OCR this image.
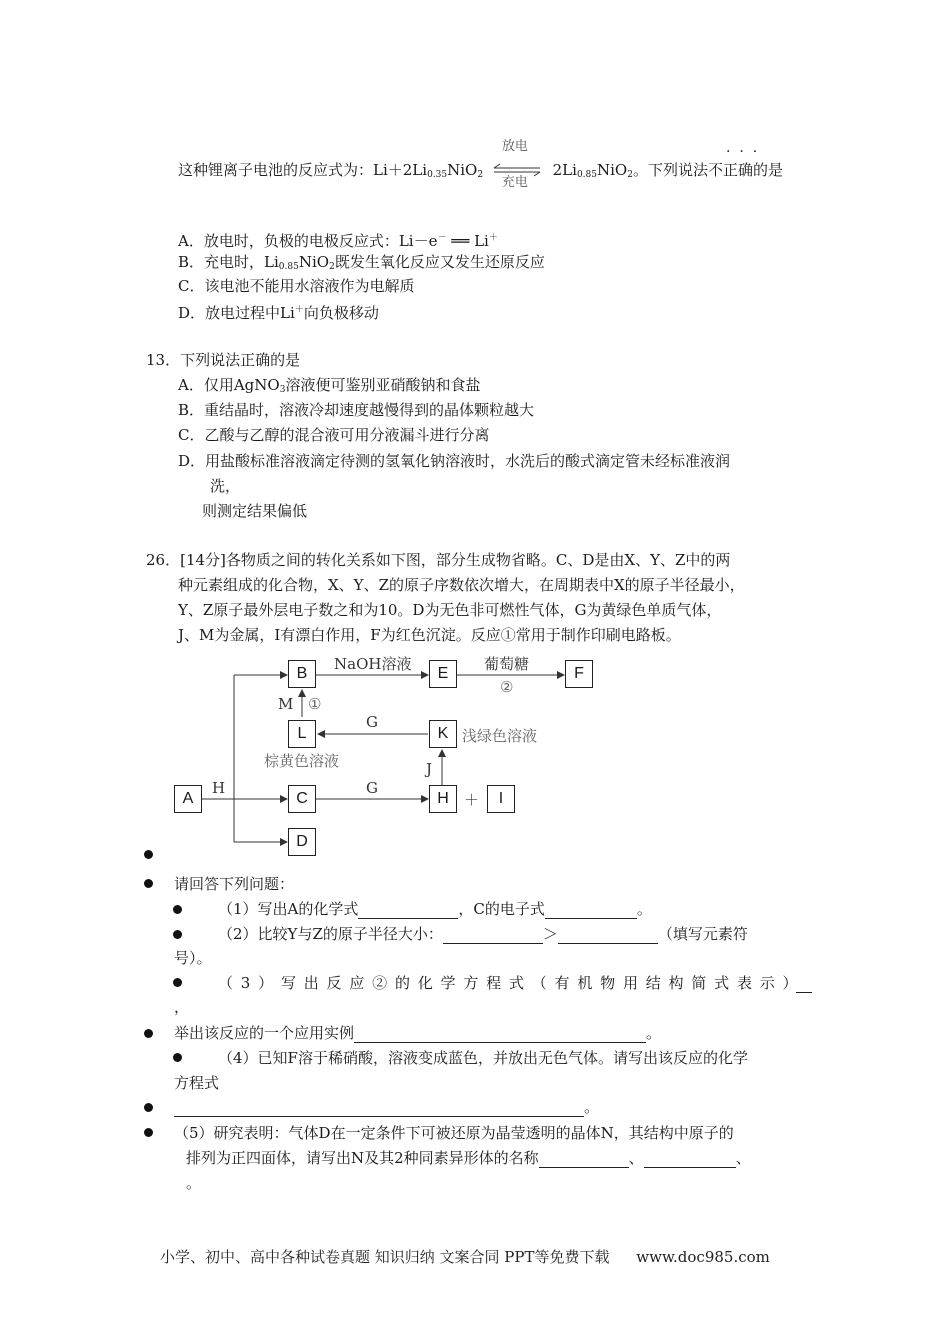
这种锂离子电池的反应式为：$Li+2Li_{0.35}NiO_2$
放电
充电
$2Li_{0.85}NiO_2$。下列说法不正确的是
·  ·  ·
A．放电时，负极的电极反应式：Li－e－ ══ Li＋
B．充电时，$Li_{0.85}NiO_2$既发生氧化反应又发生还原反应
C．该电池不能用水溶液作为电解质
D．放电过程中Li＋向负极移动
13．下列说法正确的是
A．仅用AgNO$_3$溶液便可鉴别亚硝酸钠和食盐
B．重结晶时，溶液冷却速度越慢得到的晶体颗粒越大
C．乙酸与乙醇的混合液可用分液漏斗进行分离
D．用盐酸标准溶液滴定待测的氢氧化钠溶液时，水洗后的酸式滴定管未经标准液润
洗，
则测定结果偏低
26．[14分]各物质之间的转化关系如下图，部分生成物省略。C、D是由X、Y、Z中的两
种元素组成的化合物，X、Y、Z的原子序数依次增大，在周期表中X的原子半径最小，
Y、Z原子最外层电子数之和为10。D为无色非可燃性气体，G为黄绿色单质气体，
J、M为金属，I有漂白作用，F为红色沉淀。反应①常用于制作印刷电路板。
A
B
C
D
E	F
H	I
K
L
NaOH溶液	葡萄糖
②
M ①
G
浅绿色溶液
棕黄色溶液	J
H	G
＋
请回答下列问题：
（1）写出A的化学式	，C的电子式	。
（2）比较Y与Z的原子半径大小：	＞	（填写元素符
号）。
（3）写出反应②的化学方程式（有机物用结构简式表示）
，
举出该反应的一个应用实例	。
（4）已知F溶于稀硝酸，溶液变成蓝色，并放出无色气体。请写出该反应的化学
方程式
。
（5）研究表明：气体D在一定条件下可被还原为晶莹透明的晶体N，其结构中原子的
排列为正四面体，请写出N及其2种同素异形体的名称	、	、
。
小学、初中、高中各种试卷真题 知识归纳 文案合同 PPT等免费下载 www.doc985.com
